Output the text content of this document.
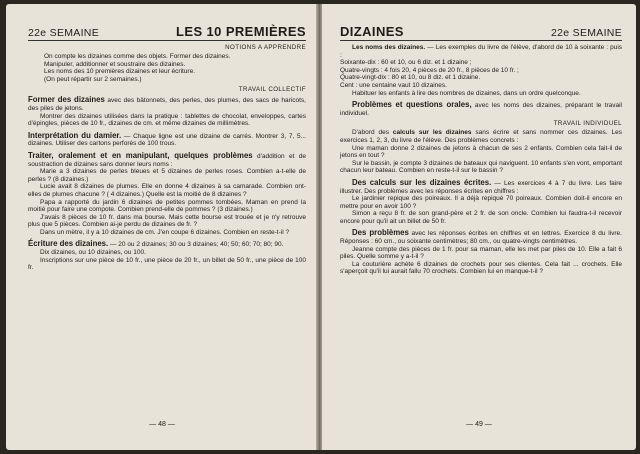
22e SEMAINE	LES 10 PREMIÈRES
NOTIONS A APPRENDRE

On compte les dizaines comme des objets. Former des dizaines.

Manipuler, additionner et soustraire des dizaines.

Les noms des 10 premières dizaines et leur écriture.

(On peut répartir sur 2 semaines.)

TRAVAIL COLLECTIF

Former des dizaines avec des bâtonnets, des perles, des plumes, des sacs de haricots, des piles de jetons.

Montrer des dizaines utilisées dans la pratique : tablettes de chocolat, enveloppes, cartes d'épingles, pièces de 10 fr., dizaines de cm. et même dizaines de millimètres.

Interprétation du damier. — Chaque ligne est une dizaine de carrés. Montrer 3, 7, 5... dizaines. Utiliser des cartons perforés de 100 trous.

Traiter, oralement et en manipulant, quelques problèmes d'addition et de soustraction de dizaines sans donner leurs noms :

Marie a 3 dizaines de perles bleues et 5 dizaines de perles roses. Combien a-t-elle de perles ? (8 dizaines.)

Lucie avait 8 dizaines de plumes. Elle en donne 4 dizaines à sa camarade. Combien ont-elles de plumes chacune ? ( 4 dizaines.) Quelle est la moitié de 8 dizaines ?

Papa a rapporté du jardin 6 dizaines de petites pommes tombées. Maman en prend la moitié pour faire une compote. Combien prend-elle de pommes ? (3 dizaines.)

J'avais 8 pièces de 10 fr. dans ma bourse. Mais cette bourse est trouée et je n'y retrouve plus que 5 pièces. Combien ai-je perdu de dizaines de fr. ?

Dans un mètre, il y a 10 dizaines de cm. J'en coupe 6 dizaines. Combien en reste-t-il ?

Écriture des dizaines. — 20 ou 2 dizaines; 30 ou 3 dizaines; 40; 50; 60; 70; 80; 90.

Dix dizaines, ou 10 dizaines, ou 100.

Inscriptions sur une pièce de 10 fr., une pièce de 20 fr., un billet de 50 fr., une pièce de 100 fr.

— 48 —
DIZAINES	22e SEMAINE

Les noms des dizaines. — Les exemples du livre de l'élève, d'abord de 10 à soixante : puis :

Soixante-dix : 60 et 10, ou 6 diz. et 1 dizaine ;

Quatre-vingts : 4 fois 20, 4 pièces de 20 fr., 8 pièces de 10 fr. ;

Quatre-vingt-dix : 80 et 10, ou 8 diz. et 1 dizaine.

Cent : une centaine vaut 10 dizaines.

Habituer les enfants à lire des nombres de dizaines, dans un ordre quelconque.

Problèmes et questions orales, avec les noms des dizaines, préparant le travail individuel.

TRAVAIL INDIVIDUEL

D'abord des calculs sur les dizaines sans écrire et sans nommer ces dizaines. Les exercices 1, 2, 3, du livre de l'élève. Des problèmes concrets :

Une maman donne 2 dizaines de jetons à chacun de ses 2 enfants. Combien cela fait-il de jetons en tout ?

Sur le bassin, je compte 3 dizaines de bateaux qui naviguent. 10 enfants s'en vont, emportant chacun leur bateau. Combien en reste-t-il sur le bassin ?

Des calculs sur les dizaines écrites. — Les exercices 4 à 7 du livre. Les faire illustrer. Des problèmes avec les réponses écrites en chiffres :

Le jardinier repique des poireaux. Il a déjà repiqué 70 poireaux. Combien doit-il encore en mettre pour en avoir 100 ?

Simon a reçu 8 fr. de son grand-père et 2 fr. de son oncle. Combien lui faudra-t-il recevoir encore pour qu'il ait un billet de 50 fr.

Des problèmes avec les réponses écrites en chiffres et en lettres. Exercice 8 du livre. Réponses : 60 cm., ou soixante centimètres; 80 cm., ou quatre-vingts centimètres.

Jeanne compte des pièces de 1 fr. pour sa maman, elle les met par piles de 10. Elle a fait 6 piles. Quelle somme y a-t-il ?

La couturière achète 6 dizaines de crochets pour ses clientes. Cela fait ... crochets. Elle s'aperçoit qu'il lui aurait fallu 70 crochets. Combien lui en manque-t-il ?

— 49 —
